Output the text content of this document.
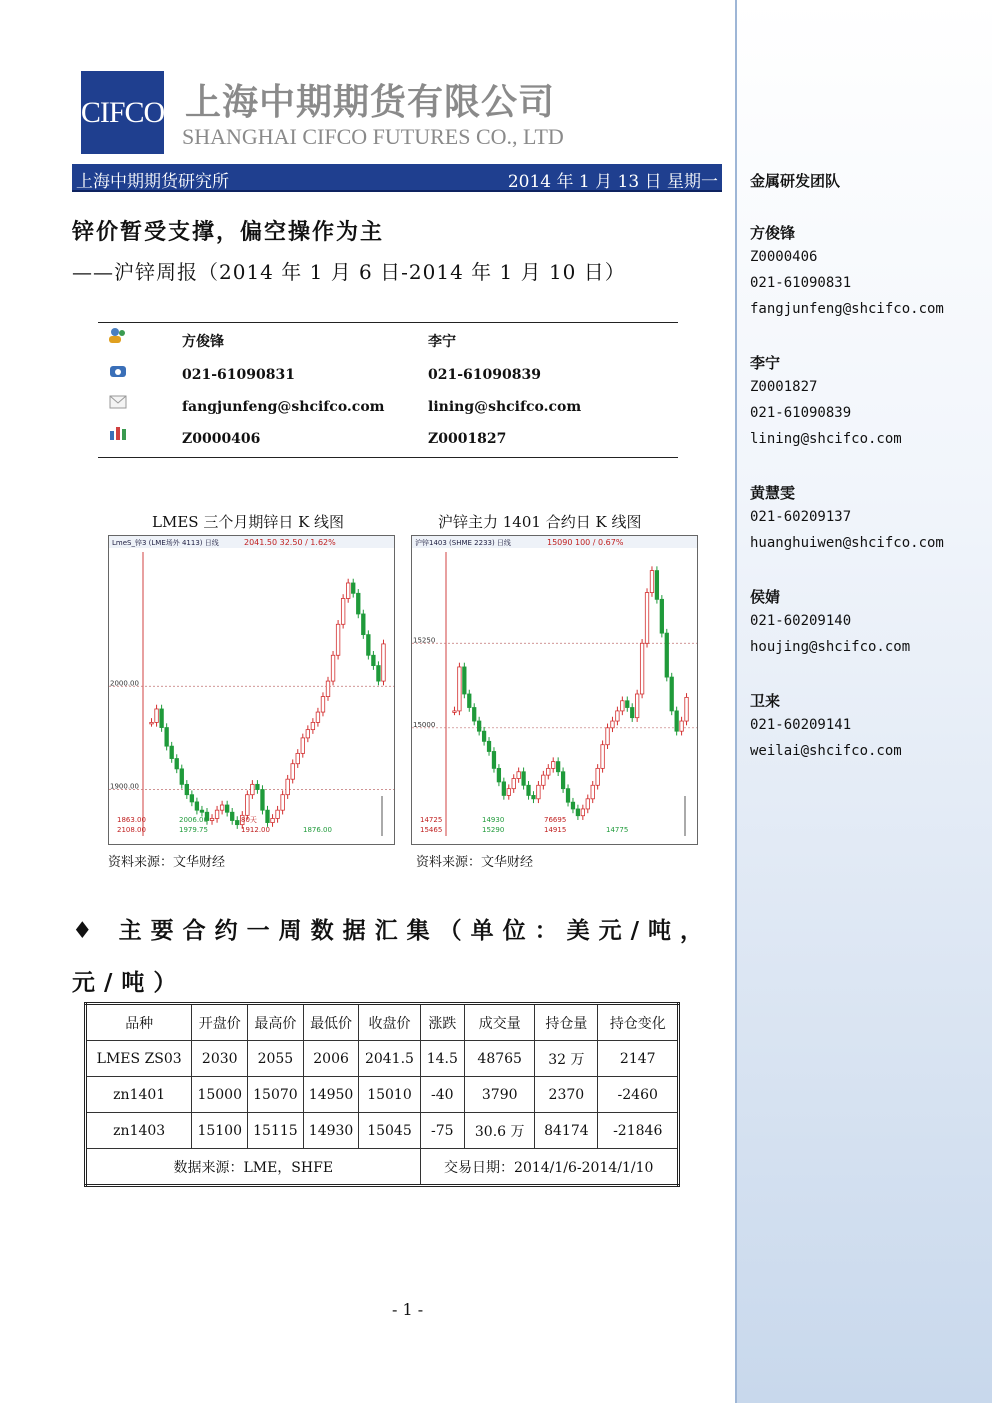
金属研发团队
方俊锋
Z0000406
021-61090831
fangjunfeng@shcifco.com
李宁
Z0001827
021-61090839
lining@shcifco.com
黄慧雯
021-60209137
huanghuiwen@shcifco.com
侯婧
021-60209140
houjing@shcifco.com
卫来
021-60209141
weilai@shcifco.com
CIFCO 上海中期期货有限公司
SHANGHAI CIFCO FUTURES CO., LTD
上海中期期货研究所	2014 年 1 月 13 日 星期一
锌价暂受支撑，偏空操作为主
——沪锌周报（2014 年 1 月 6 日-2014 年 1 月 10 日）
方俊锋	李宁
021-61090831	021-61090839
fangjunfeng@shcifco.com	lining@shcifco.com
Z0000406	Z0001827
LMES 三个月期锌日 K 线图	沪锌主力 1401 合约日 K 线图
LmeS_锌3 (LME场外 4113) 日线	2041.50 32.50 / 1.62%
1900.00
2000.00
2108.00	1979.75	1912.00	1876.00
1863.00	2006.00	80天
沪锌1403 (SHME 2233) 日线	15090 100 / 0.67%
15000
15250
15465	15290	14915	14775
14725	14930	76695
资料来源：文华财经	资料来源：文华财经
♦ 主要合约一周数据汇集（单位：美元/吨，元/吨）
品种	开盘价	最高价	最低价	收盘价	涨跌	成交量	持仓量	持仓变化
LMES ZS03	2030	2055	2006	2041.5	14.5	48765	32 万	2147
zn1401	15000	15070	14950	15010	-40	3790	2370	-2460
zn1403	15100	15115	14930	15045	-75	30.6 万	84174	-21846
数据来源：LME，SHFE					交易日期：2014/1/6-2014/1/10			
- 1 -
